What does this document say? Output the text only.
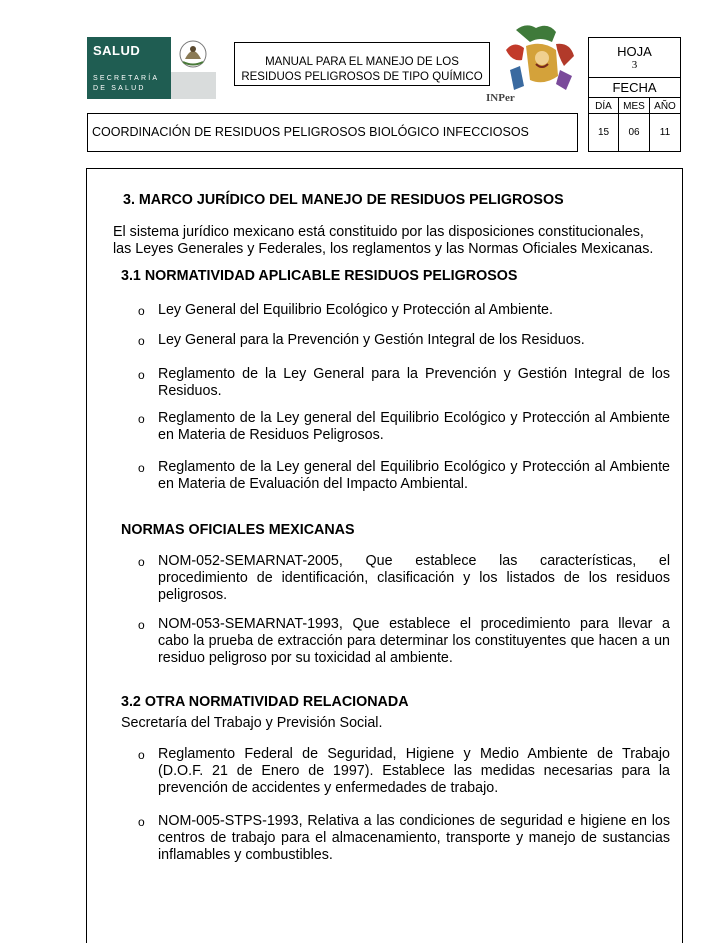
SALUD
SECRETARÍA
DE SALUD
MANUAL PARA EL MANEJO DE LOS
RESIDUOS PELIGROSOS DE TIPO QUÍMICO
INPer
HOJA
3
FECHA
DÍA	MES AÑO
COORDINACIÓN DE RESIDUOS PELIGROSOS BIOLÓGICO INFECCIOSOS	15	06	11
3. MARCO JURÍDICO DEL MANEJO DE RESIDUOS PELIGROSOS
El sistema jurídico mexicano está constituido por las disposiciones constitucionales,
las Leyes Generales y Federales, los reglamentos y las Normas Oficiales Mexicanas.
3.1 NORMATIVIDAD APLICABLE RESIDUOS PELIGROSOS
o Ley General del Equilibrio Ecológico y Protección al Ambiente.
o Ley General para la Prevención y Gestión Integral de los Residuos.
o Reglamento de la Ley General para la Prevención y Gestión Integral de los
Residuos.
o Reglamento de la Ley general del Equilibrio Ecológico y Protección al Ambiente
en Materia de Residuos Peligrosos.
o Reglamento de la Ley general del Equilibrio Ecológico y Protección al Ambiente
en Materia de Evaluación del Impacto Ambiental.
NORMAS OFICIALES MEXICANAS
o NOM-052-SEMARNAT-2005, Que establece las características, el
procedimiento de identificación, clasificación y los listados de los residuos
peligrosos.
o NOM-053-SEMARNAT-1993, Que establece el procedimiento para llevar a
cabo la prueba de extracción para determinar los constituyentes que hacen a un
residuo peligroso por su toxicidad al ambiente.
3.2 OTRA NORMATIVIDAD RELACIONADA
Secretaría del Trabajo y Previsión Social.
o Reglamento Federal de Seguridad, Higiene y Medio Ambiente de Trabajo
(D.O.F. 21 de Enero de 1997). Establece las medidas necesarias para la
prevención de accidentes y enfermedades de trabajo.
o NOM-005-STPS-1993, Relativa a las condiciones de seguridad e higiene en los
centros de trabajo para el almacenamiento, transporte y manejo de sustancias
inflamables y combustibles.
